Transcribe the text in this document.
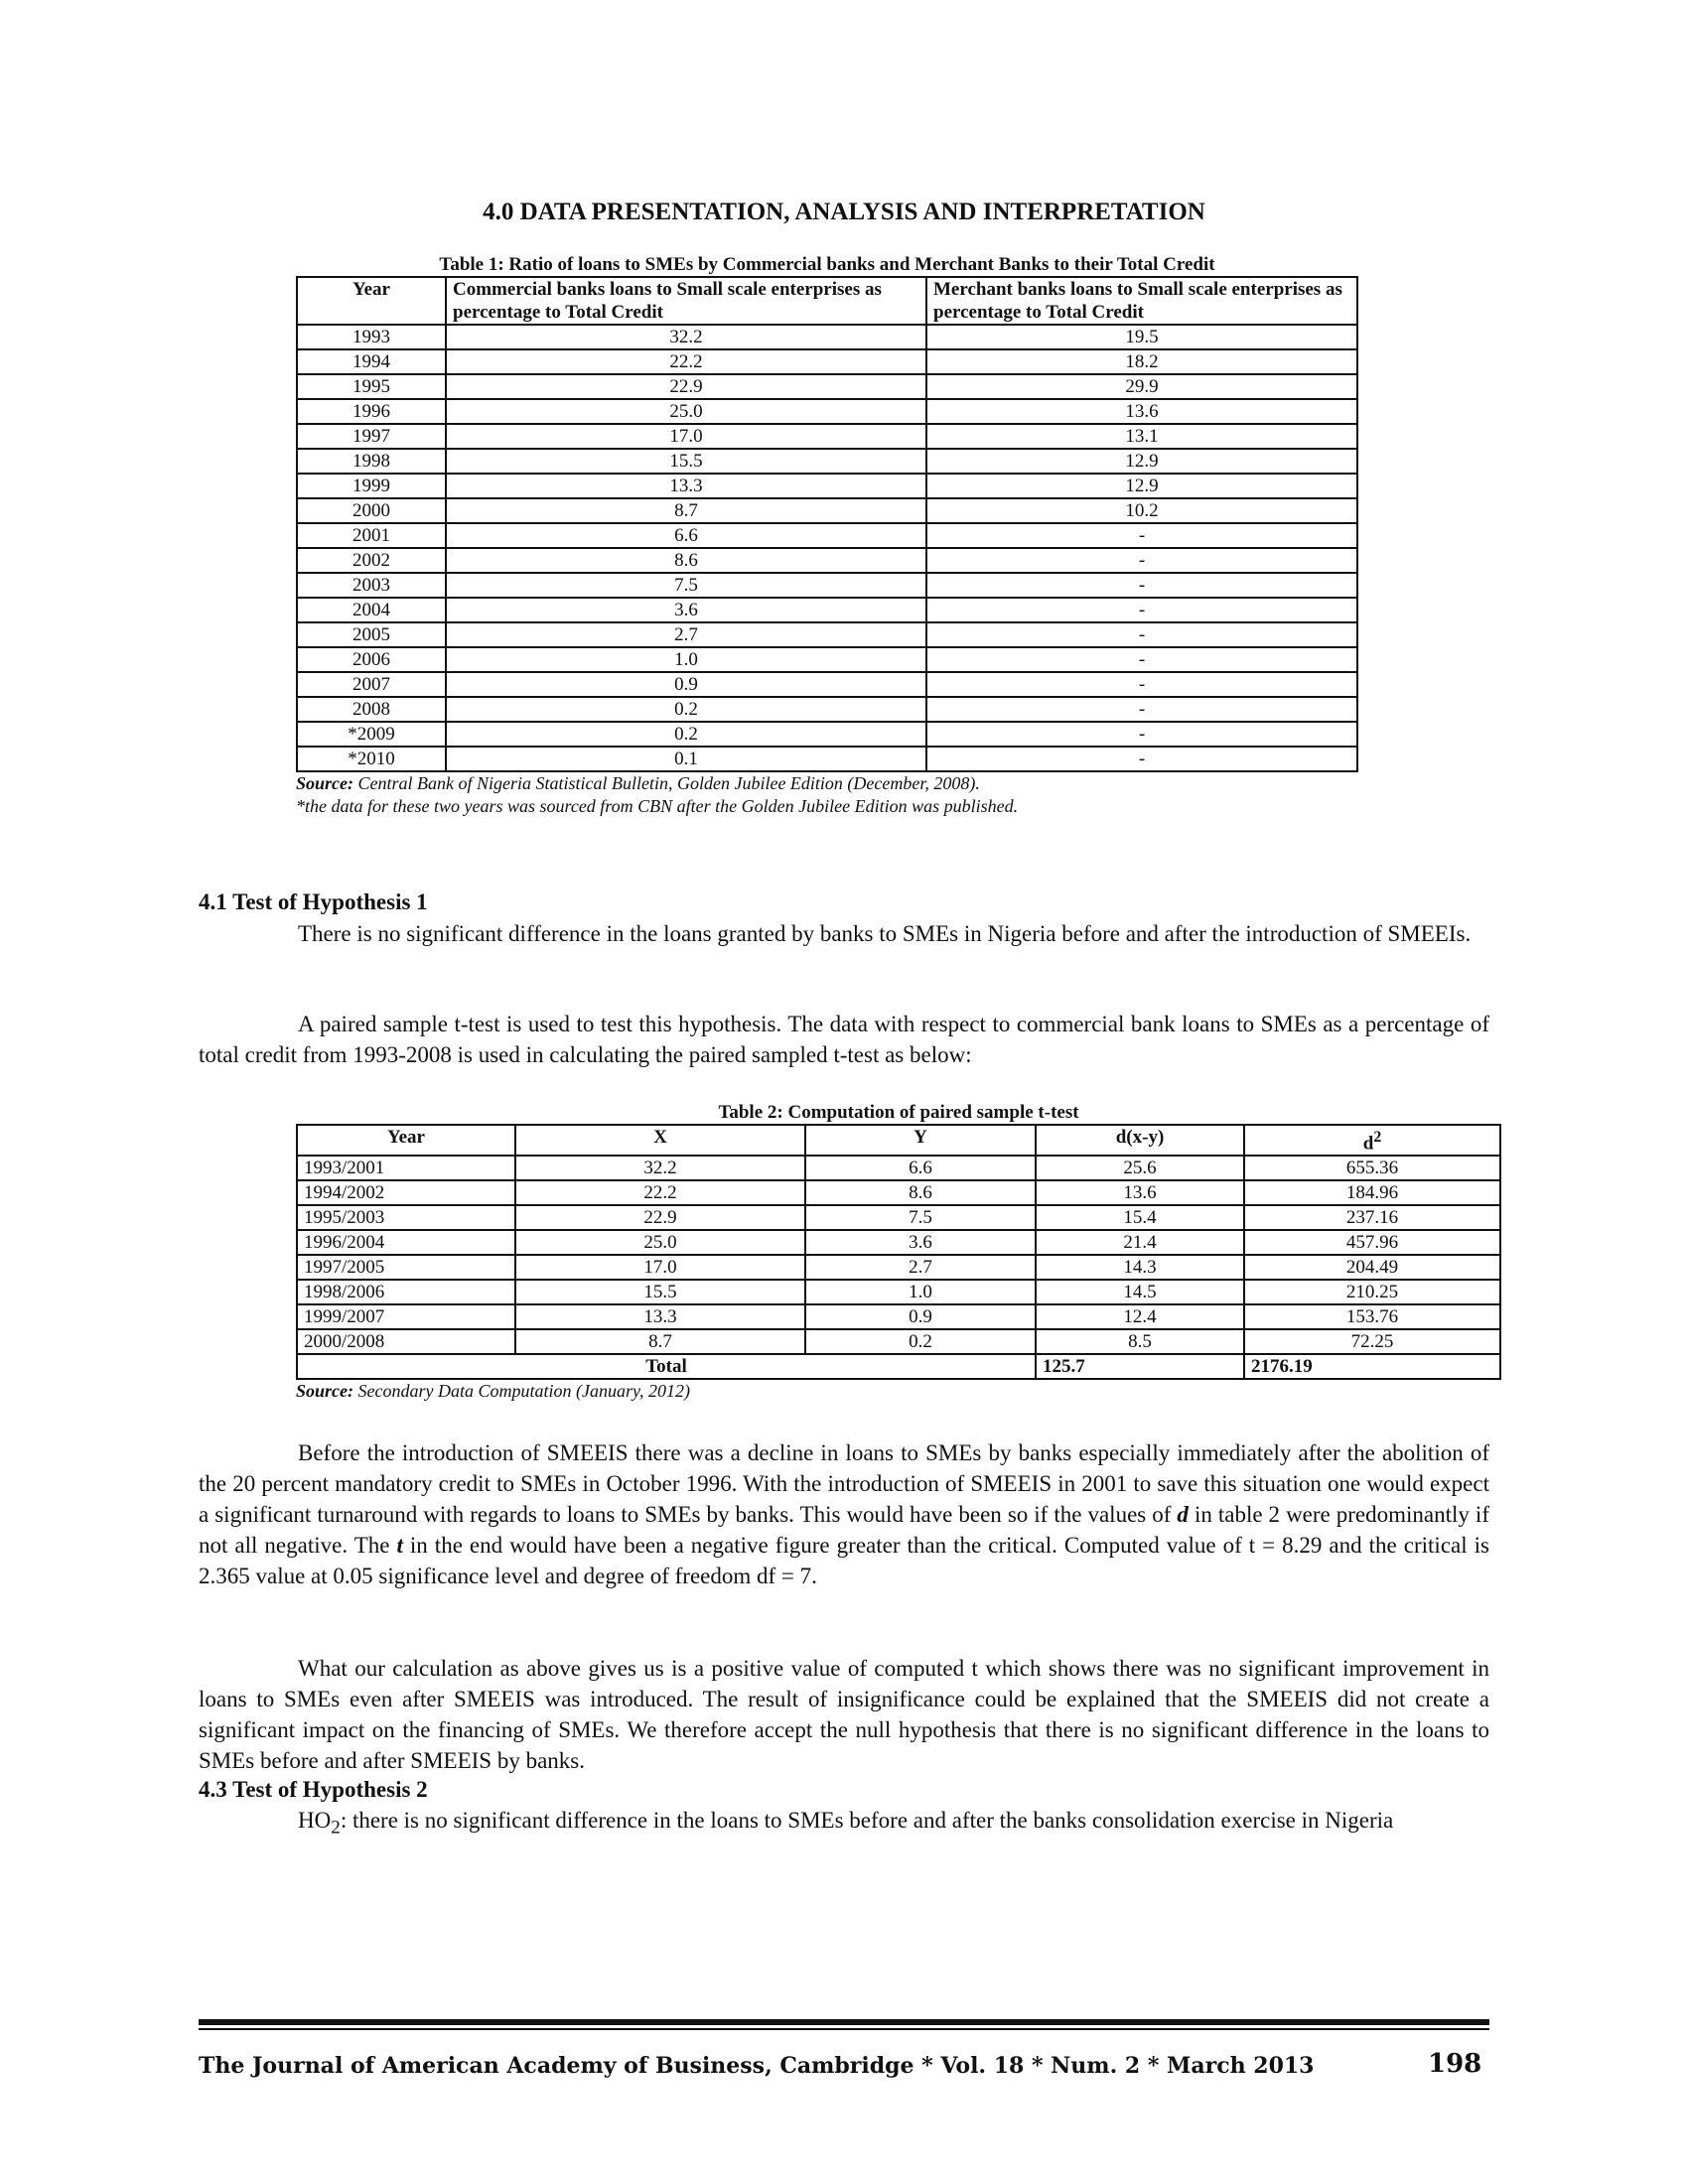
4.0 DATA PRESENTATION, ANALYSIS AND INTERPRETATION
Table 1: Ratio of loans to SMEs by Commercial banks and Merchant Banks to their Total Credit
Year	Commercial banks loans to Small scale enterprises as percentage to Total Credit	Merchant banks loans to Small scale enterprises as percentage to Total Credit
1993	32.2	19.5
1994	22.2	18.2
1995	22.9	29.9
1996	25.0	13.6
1997	17.0	13.1
1998	15.5	12.9
1999	13.3	12.9
2000	8.7	10.2
2001	6.6	-
2002	8.6	-
2003	7.5	-
2004	3.6	-
2005	2.7	-
2006	1.0	-
2007	0.9	-
2008	0.2	-
*2009	0.2	-
*2010	0.1	-
Source: Central Bank of Nigeria Statistical Bulletin, Golden Jubilee Edition (December, 2008).
*the data for these two years was sourced from CBN after the Golden Jubilee Edition was published.
4.1 Test of Hypothesis 1
There is no significant difference in the loans granted by banks to SMEs in Nigeria before and after the introduction of SMEEIs.
A paired sample t-test is used to test this hypothesis. The data with respect to commercial bank loans to SMEs as a percentage of total credit from 1993-2008 is used in calculating the paired sampled t-test as below:
Table 2: Computation of paired sample t-test
Year	X	Y	d(x-y)	$d^2$
1993/2001	32.2	6.6	25.6	655.36
1994/2002	22.2	8.6	13.6	184.96
1995/2003	22.9	7.5	15.4	237.16
1996/2004	25.0	3.6	21.4	457.96
1997/2005	17.0	2.7	14.3	204.49
1998/2006	15.5	1.0	14.5	210.25
1999/2007	13.3	0.9	12.4	153.76
2000/2008	8.7	0.2	8.5	72.25
Total			125.7	2176.19
Source: Secondary Data Computation (January, 2012)
Before the introduction of SMEEIS there was a decline in loans to SMEs by banks especially immediately after the abolition of the 20 percent mandatory credit to SMEs in October 1996. With the introduction of SMEEIS in 2001 to save this situation one would expect a significant turnaround with regards to loans to SMEs by banks. This would have been so if the values of d in table 2 were predominantly if not all negative. The t in the end would have been a negative figure greater than the critical. Computed value of t = 8.29 and the critical is 2.365 value at 0.05 significance level and degree of freedom df = 7.
What our calculation as above gives us is a positive value of computed t which shows there was no significant improvement in loans to SMEs even after SMEEIS was introduced. The result of insignificance could be explained that the SMEEIS did not create a significant impact on the financing of SMEs. We therefore accept the null hypothesis that there is no significant difference in the loans to SMEs before and after SMEEIS by banks.
4.3 Test of Hypothesis 2
$HO_2$: there is no significant difference in the loans to SMEs before and after the banks consolidation exercise in Nigeria
The Journal of American Academy of Business, Cambridge * Vol. 18 * Num. 2 * March 2013	198
